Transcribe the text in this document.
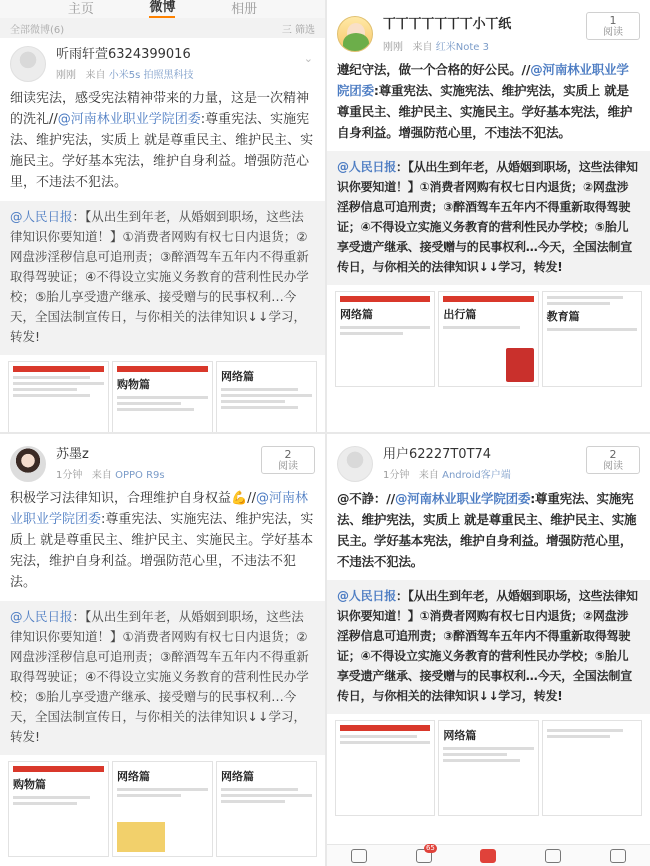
主页	微博	相册
全部微博(6)	三 筛选
听雨轩萱6324399016
刚刚 来自 小米5s 拍照黑科技
⌄
细读宪法，感受宪法精神带来的力量，这是一次精神的洗礼//@河南林业职业学院团委:尊重宪法、实施宪法、维护宪法，实质上 就是尊重民主、维护民主、实施民主。学好基本宪法，维护自身利益。增强防范心里，不违法不犯法。
@人民日报：【从出生到年老，从婚姻到职场，这些法律知识你要知道！】①消费者网购有权七日内退货；②网盘涉淫秽信息可追刑责；③醉酒驾车五年内不得重新取得驾驶证；④不得设立实施义务教育的营利性民办学校；⑤胎儿享受遗产继承、接受赠与的民事权利…今天，全国法制宣传日，与你相关的法律知识↓↓学习，转发!
购物篇
网络篇
丅丅丅丅丅丅丅小丅纸
刚刚 来自 红米Note 3
1
阅读
遵纪守法，做一个合格的好公民。//@河南林业职业学院团委:尊重宪法、实施宪法、维护宪法，实质上 就是尊重民主、维护民主、实施民主。学好基本宪法，维护自身利益。增强防范心里，不违法不犯法。
@人民日报：【从出生到年老，从婚姻到职场，这些法律知识你要知道！】①消费者网购有权七日内退货；②网盘涉淫秽信息可追刑责；③醉酒驾车五年内不得重新取得驾驶证；④不得设立实施义务教育的营利性民办学校；⑤胎儿享受遗产继承、接受赠与的民事权利…今天，全国法制宣传日，与你相关的法律知识↓↓学习，转发!
网络篇	出行篇	教育篇
苏墨z
1分钟 来自 OPPO R9s
2
阅读
积极学习法律知识，合理维护自身权益💪//@河南林业职业学院团委:尊重宪法、实施宪法、维护宪法，实质上 就是尊重民主、维护民主、实施民主。学好基本宪法，维护自身利益。增强防范心里，不违法不犯法。
@人民日报：【从出生到年老，从婚姻到职场，这些法律知识你要知道！】①消费者网购有权七日内退货；②网盘涉淫秽信息可追刑责；③醉酒驾车五年内不得重新取得驾驶证；④不得设立实施义务教育的营利性民办学校；⑤胎儿享受遗产继承、接受赠与的民事权利…今天，全国法制宣传日，与你相关的法律知识↓↓学习，转发!
购物篇
网络篇	网络篇
用户62227T0T74
1分钟 来自 Android客户端
2
阅读
@不諍：//@河南林业职业学院团委:尊重宪法、实施宪法、维护宪法，实质上 就是尊重民主、维护民主、实施民主。学好基本宪法，维护自身利益。增强防范心里，不违法不犯法。
@人民日报：【从出生到年老，从婚姻到职场，这些法律知识你要知道！】①消费者网购有权七日内退货；②网盘涉淫秽信息可追刑责；③醉酒驾车五年内不得重新取得驾驶证；④不得设立实施义务教育的营利性民办学校；⑤胎儿享受遗产继承、接受赠与的民事权利…今天，全国法制宣传日，与你相关的法律知识↓↓学习，转发!
网络篇
65
